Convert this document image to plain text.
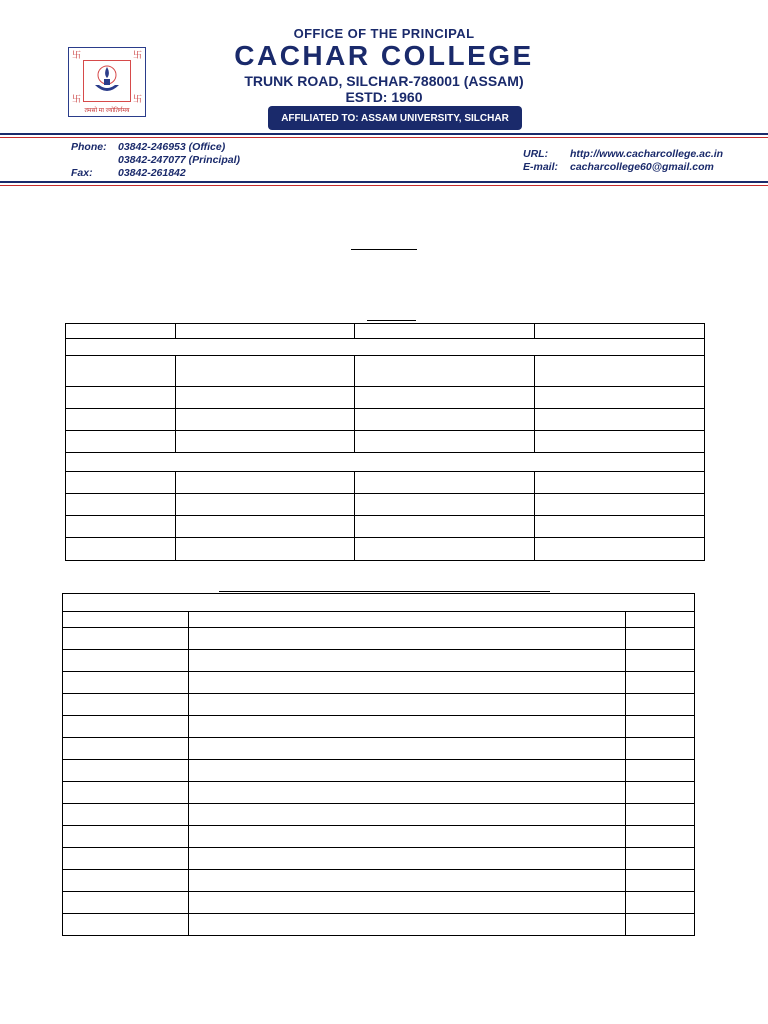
卐	卐
卐	卐
तमसो मा ज्योतिर्गमय
OFFICE OF THE PRINCIPAL
CACHAR COLLEGE
TRUNK ROAD, SILCHAR-788001 (ASSAM)
ESTD: 1960
AFFILIATED TO: ASSAM UNIVERSITY, SILCHAR
Phone: 03842-246953 (Office)
03842-247077 (Principal)
Fax: 03842-261842
URL: http://www.cacharcollege.ac.in
E-mail: cacharcollege60@gmail.com
